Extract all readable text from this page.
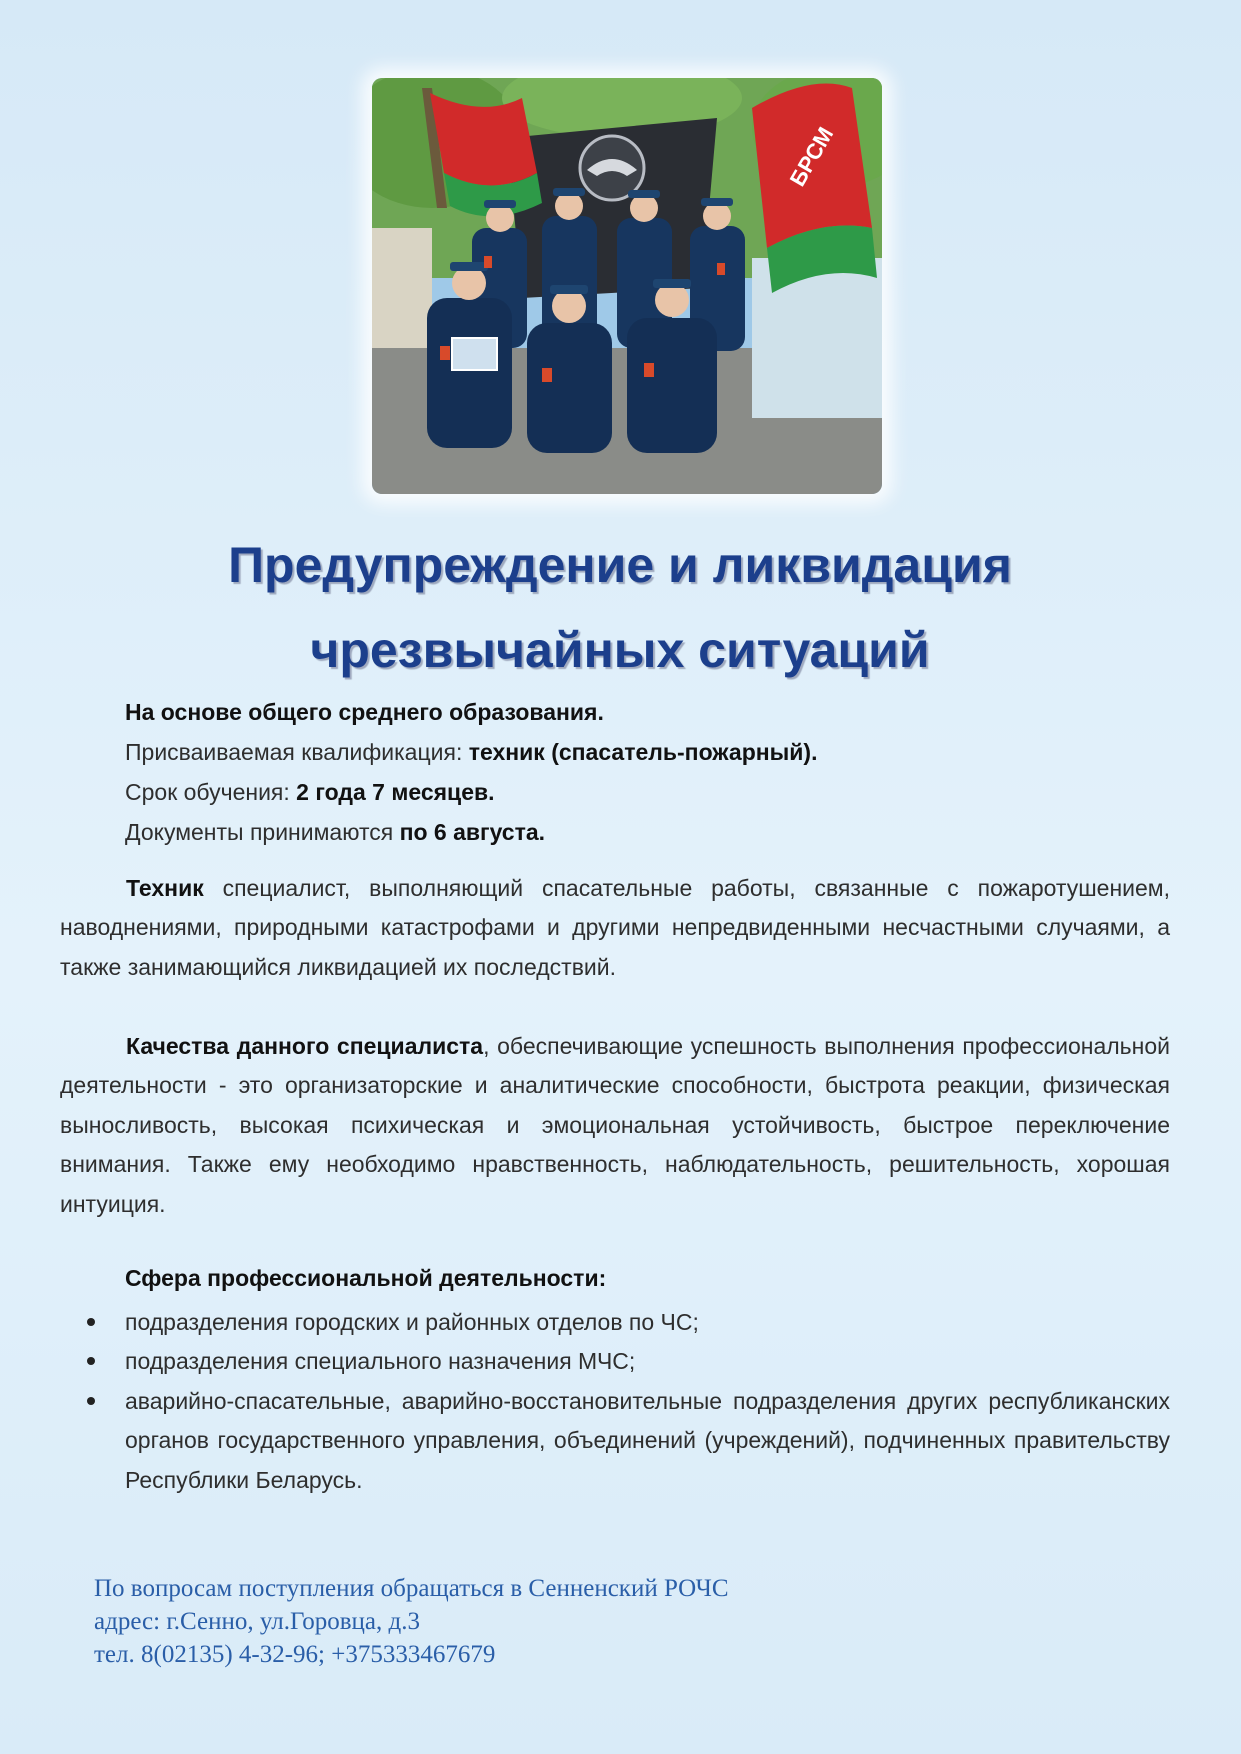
БРСМ
Предупреждение и ликвидация
чрезвычайных ситуаций
На основе общего среднего образования.
Присваиваемая квалификация: техник (спасатель-пожарный).
Срок обучения: 2 года 7 месяцев.
Документы принимаются по 6 августа.
Техник специалист, выполняющий спасательные работы, связанные с пожаротушением, наводнениями, природными катастрофами и другими непредвиденными несчастными случаями, а также занимающийся ликвидацией их последствий.
Качества данного специалиста, обеспечивающие успешность выполнения профессиональной деятельности - это организаторские и аналитические способности, быстрота реакции, физическая выносливость, высокая психическая и эмоциональная устойчивость, быстрое переключение внимания. Также ему необходимо нравственность, наблюдательность, решительность, хорошая интуиция.
Сфера профессиональной деятельности:
подразделения городских и районных отделов по ЧС;
подразделения специального назначения МЧС;
аварийно-спасательные, аварийно-восстановительные подразделения других республиканских органов государственного управления, объединений (учреждений), подчиненных правительству Республики Беларусь.
По вопросам поступления обращаться в Сенненский РОЧС
адрес: г.Сенно, ул.Горовца, д.3
тел. 8(02135) 4-32-96; +375333467679
